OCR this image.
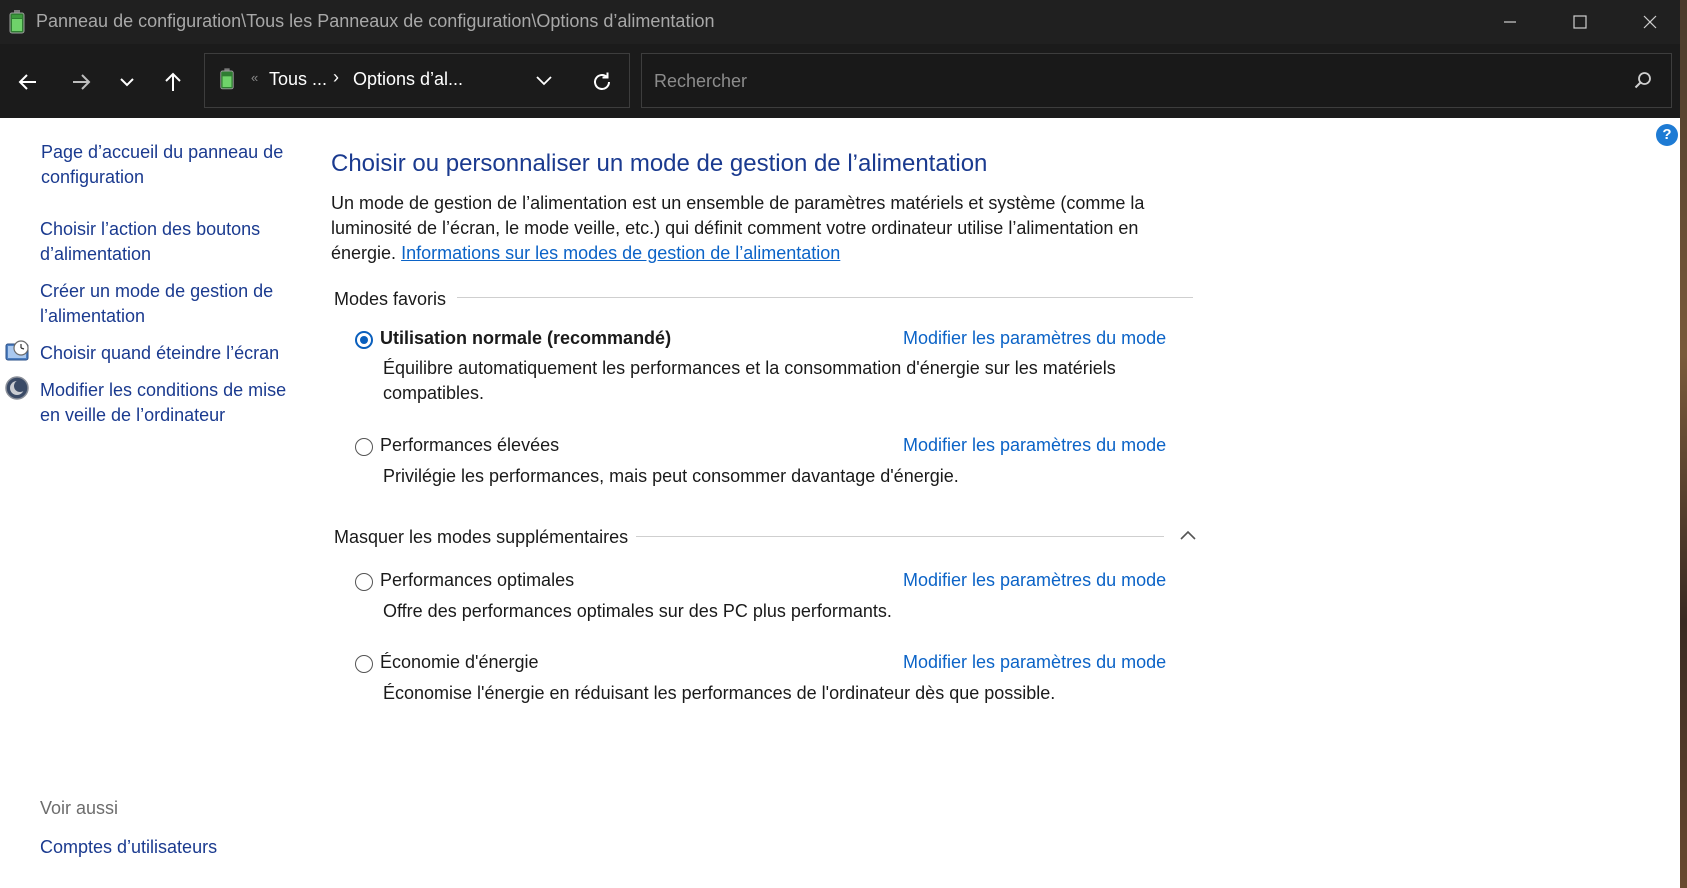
Panneau de configuration\Tous les Panneaux de configuration\Options d’alimentation
« Tous ... › Options d’al...
Rechercher
?
Page d’accueil du panneau de configuration
Choisir l’action des boutons d’alimentation
Créer un mode de gestion de l’alimentation
Choisir quand éteindre l’écran
Modifier les conditions de mise en veille de l’ordinateur
Voir aussi
Comptes d’utilisateurs
Choisir ou personnaliser un mode de gestion de l’alimentation
Un mode de gestion de l’alimentation est un ensemble de paramètres matériels et système (comme la luminosité de l’écran, le mode veille, etc.) qui définit comment votre ordinateur utilise l’alimentation en énergie. Informations sur les modes de gestion de l’alimentation
Modes favoris
Utilisation normale (recommandé)	Modifier les paramètres du mode
Équilibre automatiquement les performances et la consommation d'énergie sur les matériels compatibles.
Performances élevées	Modifier les paramètres du mode
Privilégie les performances, mais peut consommer davantage d'énergie.
Masquer les modes supplémentaires
Performances optimales	Modifier les paramètres du mode
Offre des performances optimales sur des PC plus performants.
Économie d'énergie	Modifier les paramètres du mode
Économise l'énergie en réduisant les performances de l'ordinateur dès que possible.
